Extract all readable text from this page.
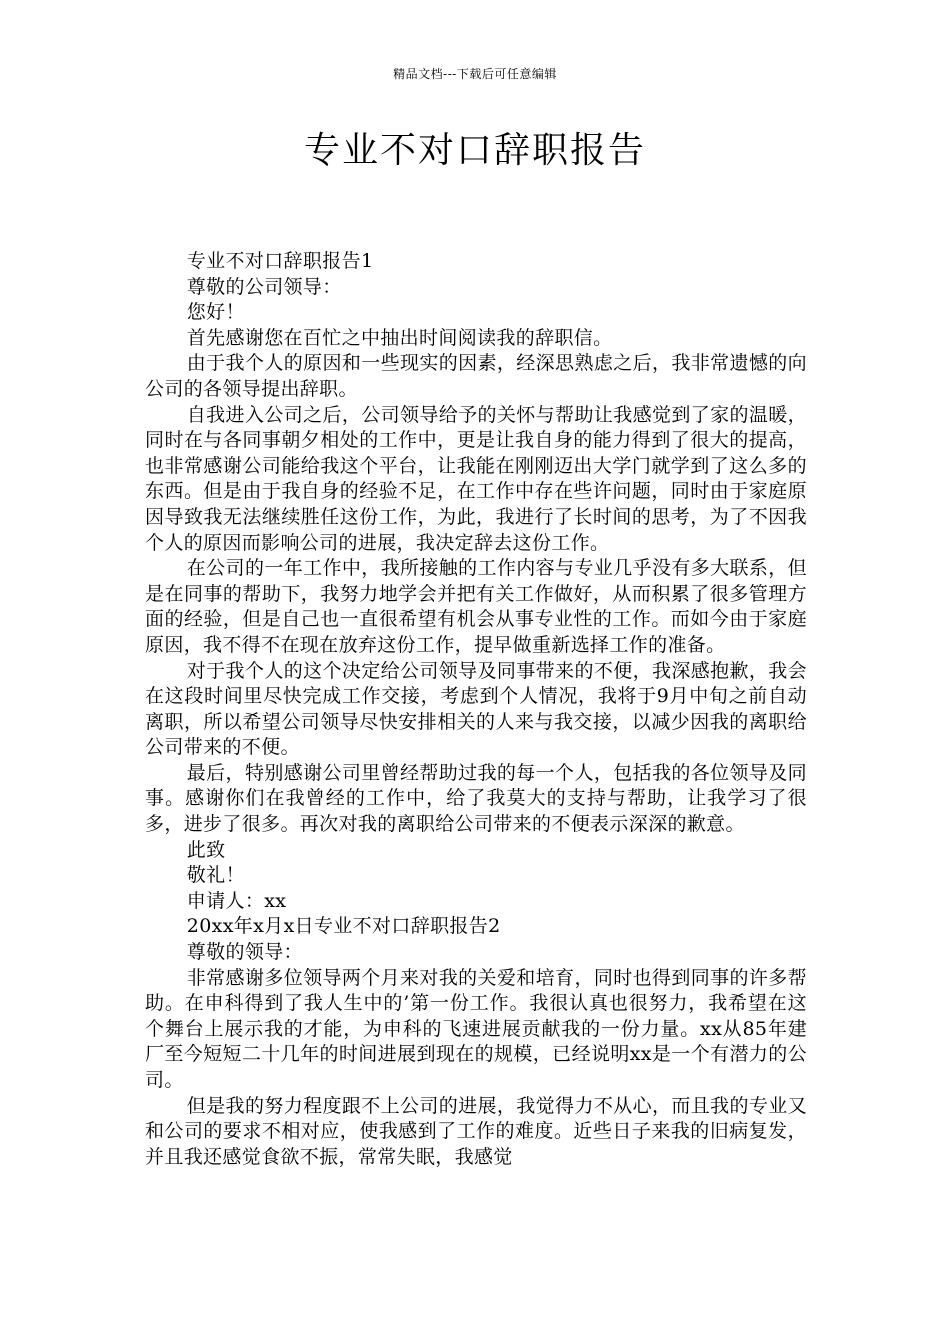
精品文档---下载后可任意编辑
专业不对口辞职报告

专业不对口辞职报告1

尊敬的公司领导：

您好！

首先感谢您在百忙之中抽出时间阅读我的辞职信。

由于我个人的原因和一些现实的因素，经深思熟虑之后，我非常遗憾的向公司的各领导提出辞职。

自我进入公司之后，公司领导给予的关怀与帮助让我感觉到了家的温暖，同时在与各同事朝夕相处的工作中，更是让我自身的能力得到了很大的提高，也非常感谢公司能给我这个平台，让我能在刚刚迈出大学门就学到了这么多的东西。但是由于我自身的经验不足，在工作中存在些许问题，同时由于家庭原因导致我无法继续胜任这份工作，为此，我进行了长时间的思考，为了不因我个人的原因而影响公司的进展，我决定辞去这份工作。

在公司的一年工作中，我所接触的工作内容与专业几乎没有多大联系，但是在同事的帮助下，我努力地学会并把有关工作做好，从而积累了很多管理方面的经验，但是自己也一直很希望有机会从事专业性的工作。而如今由于家庭原因，我不得不在现在放弃这份工作，提早做重新选择工作的准备。

对于我个人的这个决定给公司领导及同事带来的不便，我深感抱歉，我会在这段时间里尽快完成工作交接，考虑到个人情况，我将于9月中旬之前自动离职，所以希望公司领导尽快安排相关的人来与我交接，以减少因我的离职给公司带来的不便。

最后，特别感谢公司里曾经帮助过我的每一个人，包括我的各位领导及同事。感谢你们在我曾经的工作中，给了我莫大的支持与帮助，让我学习了很多，进步了很多。再次对我的离职给公司带来的不便表示深深的歉意。

此致

敬礼！

申请人：xx

20xx年x月x日专业不对口辞职报告2

尊敬的领导：

非常感谢多位领导两个月来对我的关爱和培育，同时也得到同事的许多帮助。在申科得到了我人生中的’第一份工作。我很认真也很努力，我希望在这个舞台上展示我的才能，为申科的飞速进展贡献我的一份力量。xx从85年建厂至今短短二十几年的时间进展到现在的规模，已经说明xx是一个有潜力的公司。

但是我的努力程度跟不上公司的进展，我觉得力不从心，而且我的专业又和公司的要求不相对应，使我感到了工作的难度。近些日子来我的旧病复发，并且我还感觉食欲不振，常常失眠，我感觉
